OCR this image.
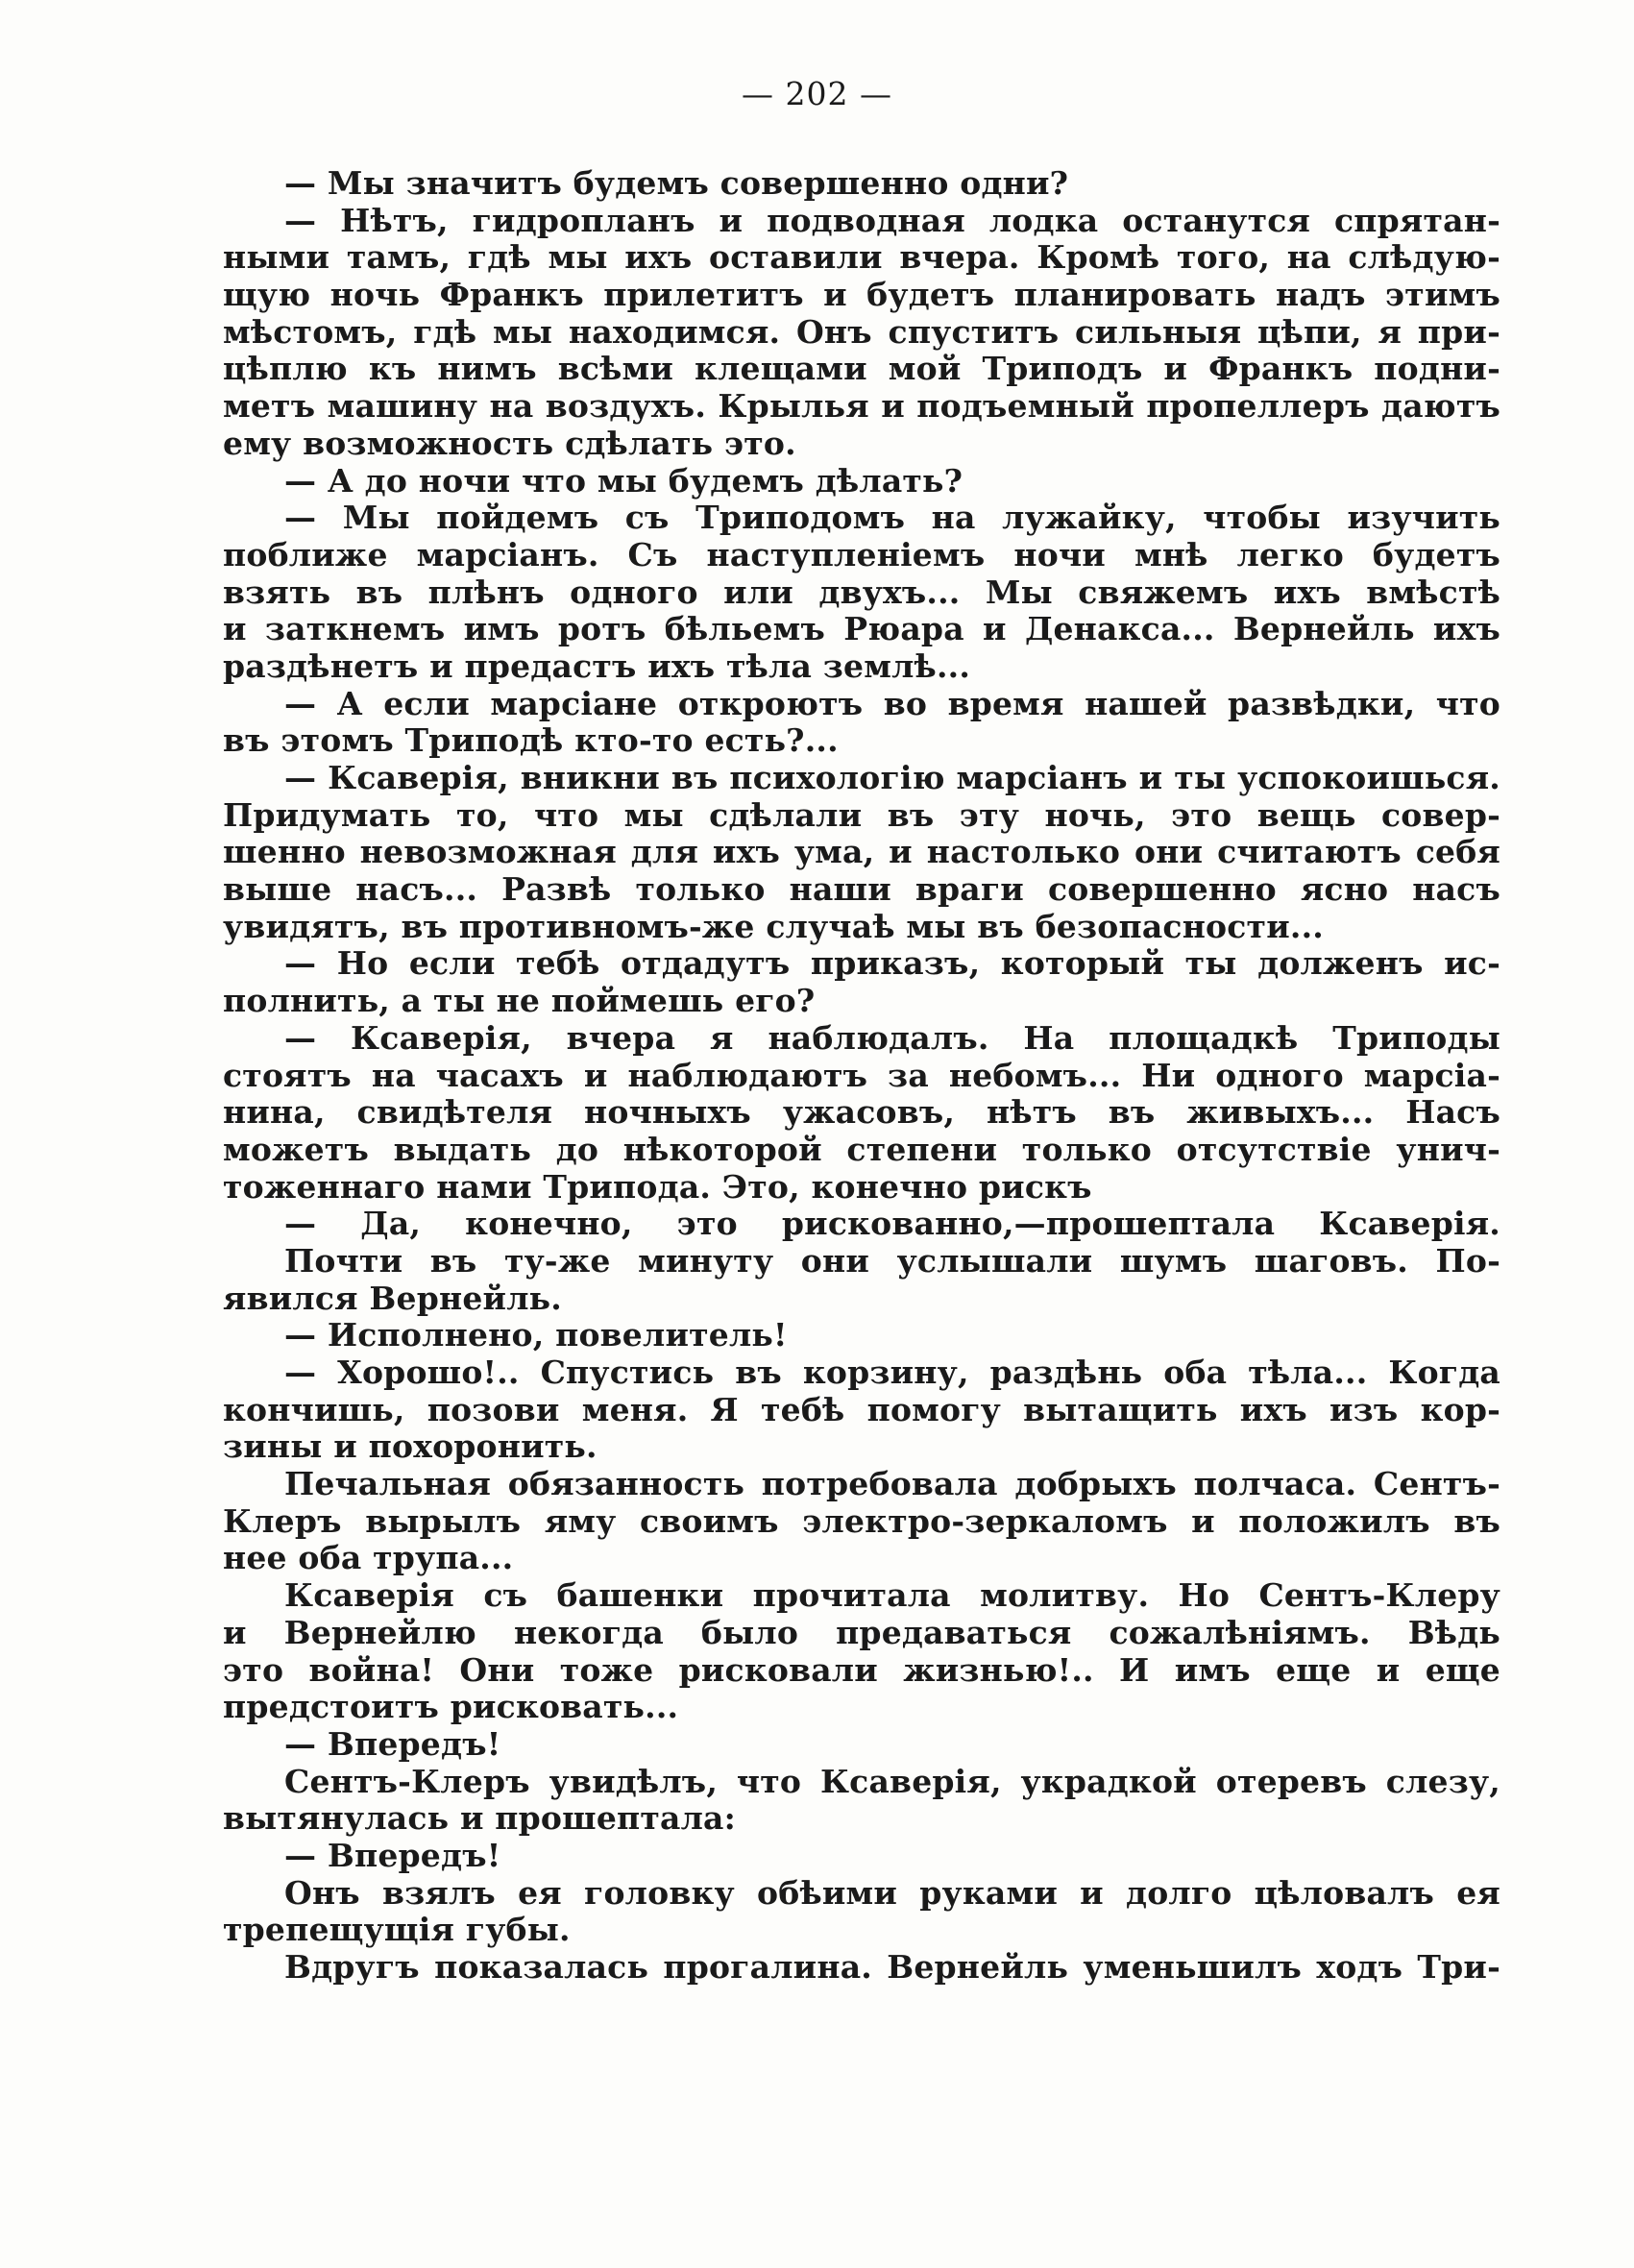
— 202 —
— Мы значитъ будемъ совершенно одни?
— Нѣтъ, гидропланъ и подводная лодка останутся спрятан-
ными тамъ, гдѣ мы ихъ оставили вчера. Кромѣ того, на слѣдую-
щую ночь Франкъ прилетитъ и будетъ планировать надъ этимъ
мѣстомъ, гдѣ мы находимся. Онъ спуститъ сильныя цѣпи, я при-
цѣплю къ нимъ всѣми клещами мой Триподъ и Франкъ подни-
метъ машину на воздухъ. Крылья и подъемный пропеллеръ даютъ
ему возможность сдѣлать это.
— А до ночи что мы будемъ дѣлать?
— Мы пойдемъ съ Триподомъ на лужайку, чтобы изучить
поближе марсіанъ. Съ наступленіемъ ночи мнѣ легко будетъ
взять въ плѣнъ одного или двухъ... Мы свяжемъ ихъ вмѣстѣ
и заткнемъ имъ ротъ бѣльемъ Рюара и Денакса... Вернейль ихъ
раздѣнетъ и предастъ ихъ тѣла землѣ...
— А если марсіане откроютъ во время нашей развѣдки, что
въ этомъ Триподѣ кто-то есть?...
— Ксаверія, вникни въ психологію марсіанъ и ты успокоишься.
Придумать то, что мы сдѣлали въ эту ночь, это вещь совер-
шенно невозможная для ихъ ума, и настолько они считаютъ себя
выше насъ... Развѣ только наши враги совершенно ясно насъ
увидятъ, въ противномъ-же случаѣ мы въ безопасности...
— Но если тебѣ отдадутъ приказъ, который ты долженъ ис-
полнить, а ты не поймешь его?
— Ксаверія, вчера я наблюдалъ. На площадкѣ Триподы
стоятъ на часахъ и наблюдаютъ за небомъ... Ни одного марсіа-
нина, свидѣтеля ночныхъ ужасовъ, нѣтъ въ живыхъ... Насъ
можетъ выдать до нѣкоторой степени только отсутствіе унич-
тоженнаго нами Трипода. Это, конечно рискъ
— Да, конечно, это рискованно,—прошептала Ксаверія.
Почти въ ту-же минуту они услышали шумъ шаговъ. По-
явился Вернейль.
— Исполнено, повелитель!
— Хорошо!.. Спустись въ корзину, раздѣнь оба тѣла... Когда
кончишь, позови меня. Я тебѣ помогу вытащить ихъ изъ кор-
зины и похоронить.
Печальная обязанность потребовала добрыхъ полчаса. Сентъ-
Клеръ вырылъ яму своимъ электро-зеркаломъ и положилъ въ
нее оба трупа...
Ксаверія съ башенки прочитала молитву. Но Сентъ-Клеру
и Вернейлю некогда было предаваться сожалѣніямъ. Вѣдь
это война! Они тоже рисковали жизнью!.. И имъ еще и еще
предстоитъ рисковать...
— Впередъ!
Сентъ-Клеръ увидѣлъ, что Ксаверія, украдкой отеревъ слезу,
вытянулась и прошептала:
— Впередъ!
Онъ взялъ ея головку обѣими руками и долго цѣловалъ ея
трепещущія губы.
Вдругъ показалась прогалина. Вернейль уменьшилъ ходъ Три-
